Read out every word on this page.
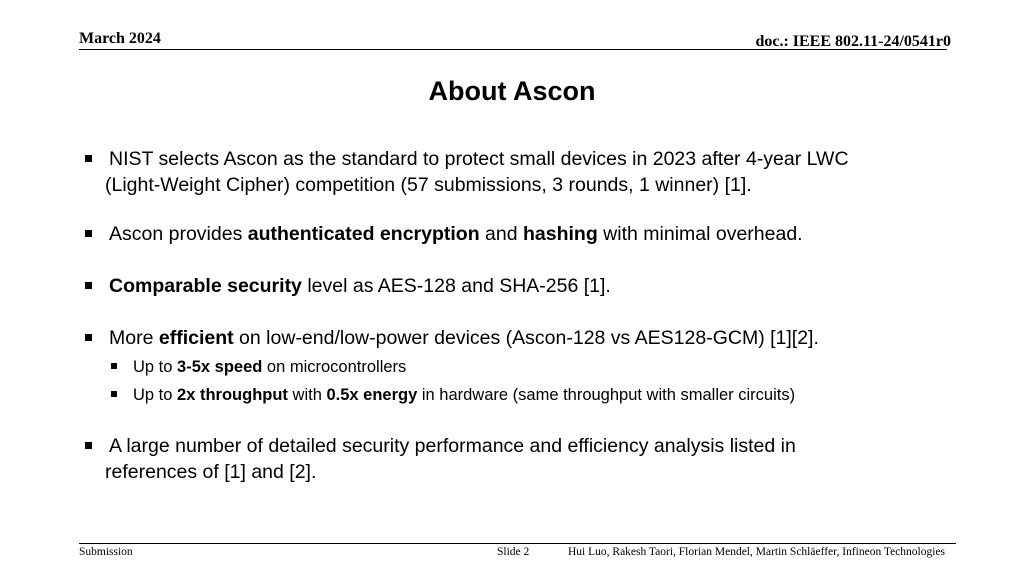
March 2024	doc.: IEEE 802.11-24/0541r0
About Ascon
NIST selects Ascon as the standard to protect small devices in 2023 after 4-year LWC
(Light-Weight Cipher) competition (57 submissions, 3 rounds, 1 winner) [1].
Ascon provides authenticated encryption and hashing with minimal overhead.
Comparable security level as AES-128 and SHA-256 [1].
More efficient on low-end/low-power devices (Ascon-128 vs AES128-GCM) [1][2].
Up to 3-5x speed on microcontrollers
Up to 2x throughput with 0.5x energy in hardware (same throughput with smaller circuits)
A large number of detailed security performance and efficiency analysis listed in
references of [1] and [2].
Submission	Slide 2	Hui Luo, Rakesh Taori, Florian Mendel, Martin Schläeffer, Infineon Technologies
